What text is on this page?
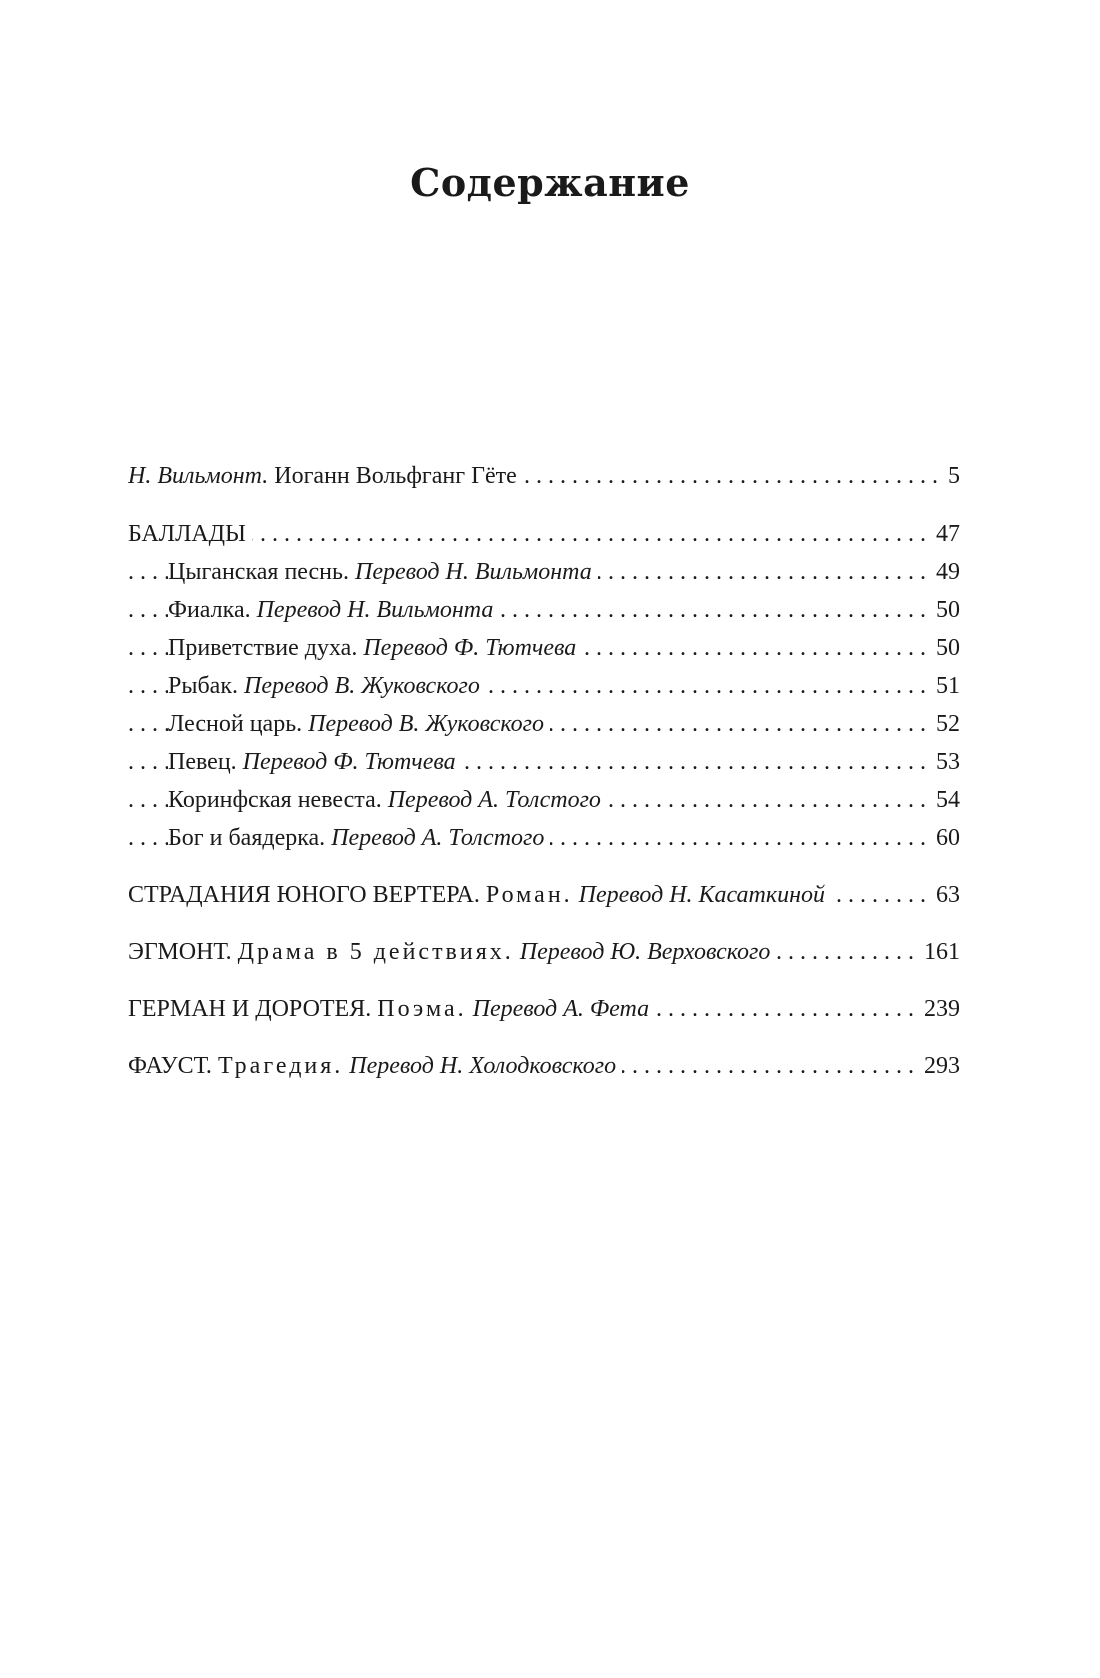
Содержание
Н. Вильмонт. Иоганн Вольфганг Гёте	5
. . .
БАЛЛАДЫ	47
. . .
Цыганская песнь. Перевод Н. Вильмонта	49
. . .
Фиалка. Перевод Н. Вильмонта	50
. . .
Приветствие духа. Перевод Ф. Тютчева	50
. . .
Рыбак. Перевод В. Жуковского	51
. . .
Лесной царь. Перевод В. Жуковского	52
. . .
Певец. Перевод Ф. Тютчева	53
. . .
Коринфская невеста. Перевод А. Толстого	54
. . .
Бог и баядерка. Перевод А. Толстого	60
. . .
СТРАДАНИЯ ЮНОГО ВЕРТЕРА. Роман. Перевод Н. Касаткиной	63
. . .
ЭГМОНТ. Драма в 5 действиях. Перевод Ю. Верховского	161
. . .
ГЕРМАН И ДОРОТЕЯ. Поэма. Перевод А. Фета	239
. . .
ФАУСТ. Трагедия. Перевод Н. Холодковского	293
. . .
